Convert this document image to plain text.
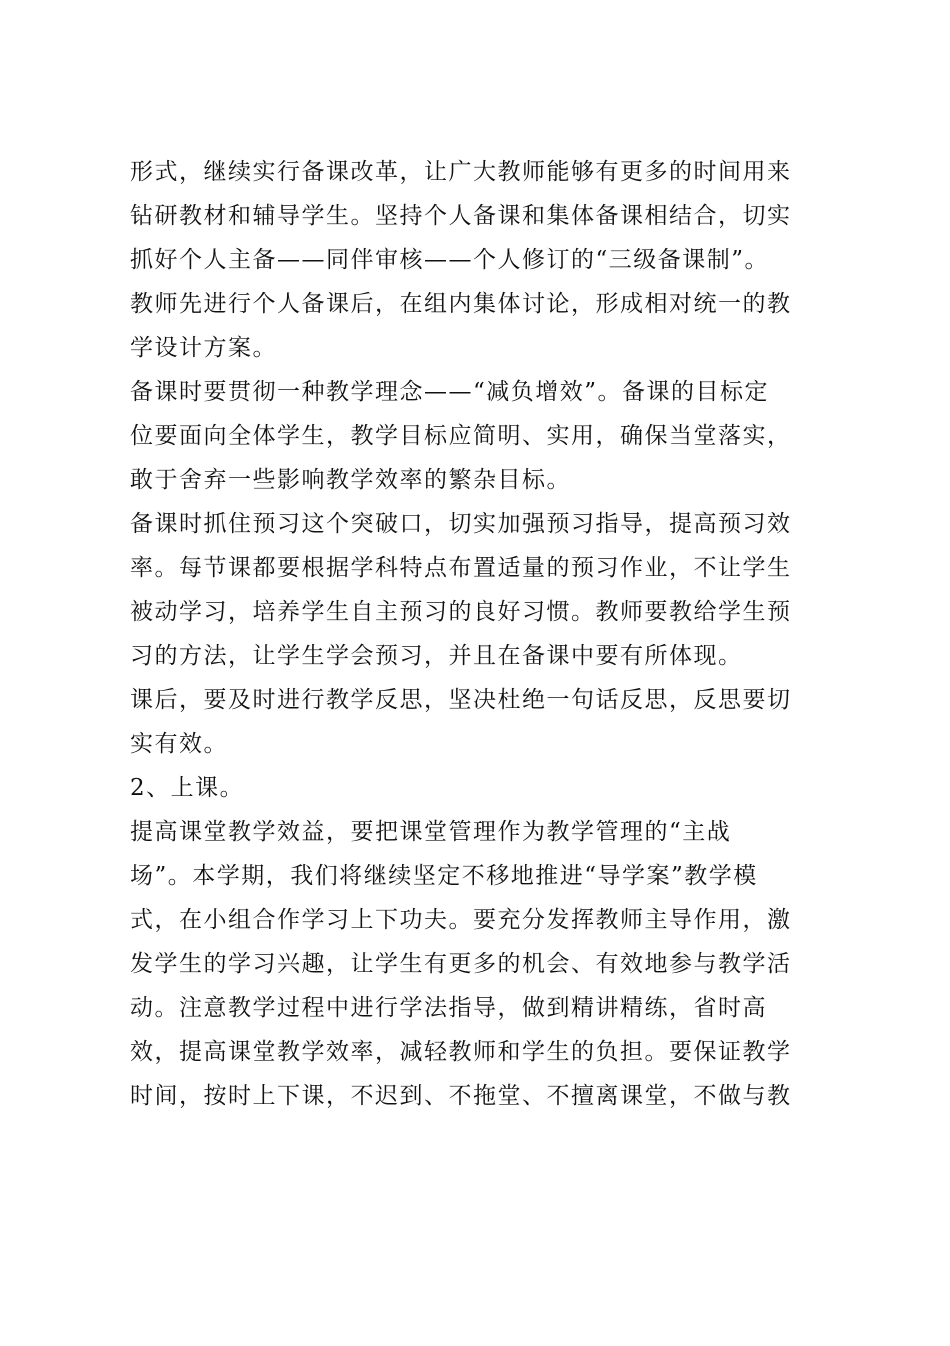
形式，继续实行备课改革，让广大教师能够有更多的时间用来
钻研教材和辅导学生。坚持个人备课和集体备课相结合，切实
抓好个人主备——同伴审核——个人修订的“三级备课制”。
教师先进行个人备课后，在组内集体讨论，形成相对统一的教
学设计方案。
备课时要贯彻一种教学理念——“减负增效”。备课的目标定
位要面向全体学生，教学目标应简明、实用，确保当堂落实，
敢于舍弃一些影响教学效率的繁杂目标。
备课时抓住预习这个突破口，切实加强预习指导，提高预习效
率。每节课都要根据学科特点布置适量的预习作业，不让学生
被动学习，培养学生自主预习的良好习惯。教师要教给学生预
习的方法，让学生学会预习，并且在备课中要有所体现。
课后，要及时进行教学反思，坚决杜绝一句话反思，反思要切
实有效。
2、上课。
提高课堂教学效益，要把课堂管理作为教学管理的“主战
场”。本学期，我们将继续坚定不移地推进“导学案”教学模
式，在小组合作学习上下功夫。要充分发挥教师主导作用，激
发学生的学习兴趣，让学生有更多的机会、有效地参与教学活
动。注意教学过程中进行学法指导，做到精讲精练，省时高
效，提高课堂教学效率，减轻教师和学生的负担。要保证教学
时间，按时上下课，不迟到、不拖堂、不擅离课堂，不做与教
